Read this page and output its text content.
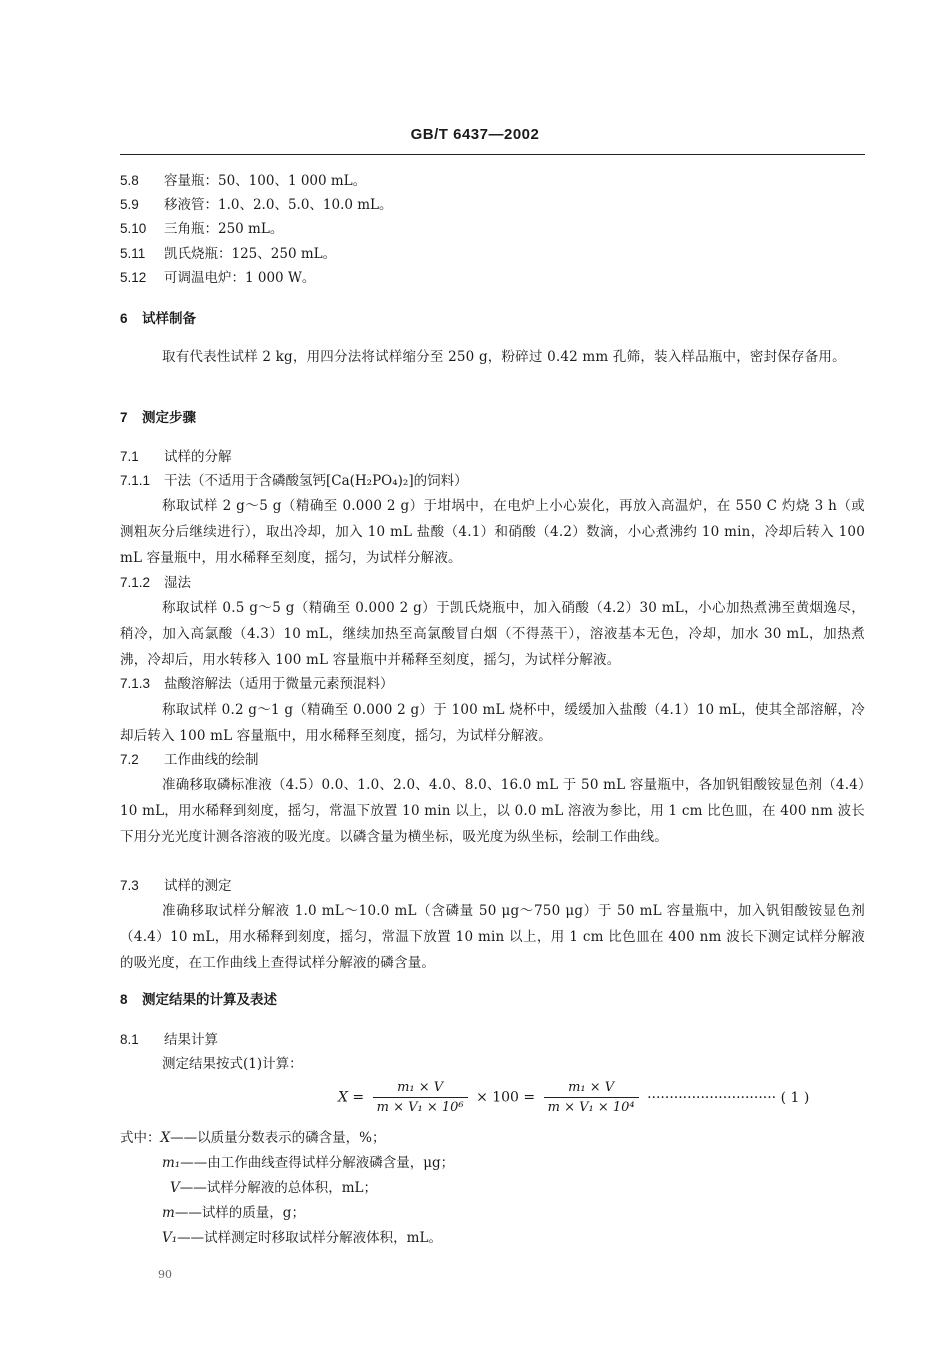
GB/T 6437—2002
5.8 容量瓶：50、100、1 000 mL。
5.9 移液管：1.0、2.0、5.0、10.0 mL。
5.10 三角瓶：250 mL。
5.11 凯氏烧瓶：125、250 mL。
5.12 可调温电炉：1 000 W。
6 试样制备
取有代表性试样 2 kg，用四分法将试样缩分至 250 g，粉碎过 0.42 mm 孔筛，装入样品瓶中，密封保存备用。
7 测定步骤
7.1 试样的分解
7.1.1 干法（不适用于含磷酸氢钙[Ca(H₂PO₄)₂]的饲料）
称取试样 2 g～5 g（精确至 0.000 2 g）于坩埚中，在电炉上小心炭化，再放入高温炉，在 550 C 灼烧 3 h（或测粗灰分后继续进行），取出冷却，加入 10 mL 盐酸（4.1）和硝酸（4.2）数滴，小心煮沸约 10 min，冷却后转入 100 mL 容量瓶中，用水稀释至刻度，摇匀，为试样分解液。
7.1.2 湿法
称取试样 0.5 g～5 g（精确至 0.000 2 g）于凯氏烧瓶中，加入硝酸（4.2）30 mL，小心加热煮沸至黄烟逸尽，稍冷，加入高氯酸（4.3）10 mL，继续加热至高氯酸冒白烟（不得蒸干），溶液基本无色，冷却，加水 30 mL，加热煮沸，冷却后，用水转移入 100 mL 容量瓶中并稀释至刻度，摇匀，为试样分解液。
7.1.3 盐酸溶解法（适用于微量元素预混料）
称取试样 0.2 g～1 g（精确至 0.000 2 g）于 100 mL 烧杯中，缓缓加入盐酸（4.1）10 mL，使其全部溶解，冷却后转入 100 mL 容量瓶中，用水稀释至刻度，摇匀，为试样分解液。
7.2 工作曲线的绘制
准确移取磷标准液（4.5）0.0、1.0、2.0、4.0、8.0、16.0 mL 于 50 mL 容量瓶中，各加钒钼酸铵显色剂（4.4）10 mL，用水稀释到刻度，摇匀，常温下放置 10 min 以上，以 0.0 mL 溶液为参比，用 1 cm 比色皿，在 400 nm 波长下用分光光度计测各溶液的吸光度。以磷含量为横坐标，吸光度为纵坐标，绘制工作曲线。
7.3 试样的测定
准确移取试样分解液 1.0 mL～10.0 mL（含磷量 50 μg～750 μg）于 50 mL 容量瓶中，加入钒钼酸铵显色剂（4.4）10 mL，用水稀释到刻度，摇匀，常温下放置 10 min 以上，用 1 cm 比色皿在 400 nm 波长下测定试样分解液的吸光度，在工作曲线上查得试样分解液的磷含量。
8 测定结果的计算及表述
8.1 结果计算
测定结果按式(1)计算：
$X = \frac{\text{m₁ × V}}{\text{m × V₁ × 10⁶}} \times 100 = \frac{\text{m₁ × V}}{\text{m × V₁ × 10⁴}}$ ····························· ( 1 )
式中：X——以质量分数表示的磷含量，%；
m₁——由工作曲线查得试样分解液磷含量，μg；
V——试样分解液的总体积，mL；
m——试样的质量，g；
V₁——试样测定时移取试样分解液体积，mL。
90
